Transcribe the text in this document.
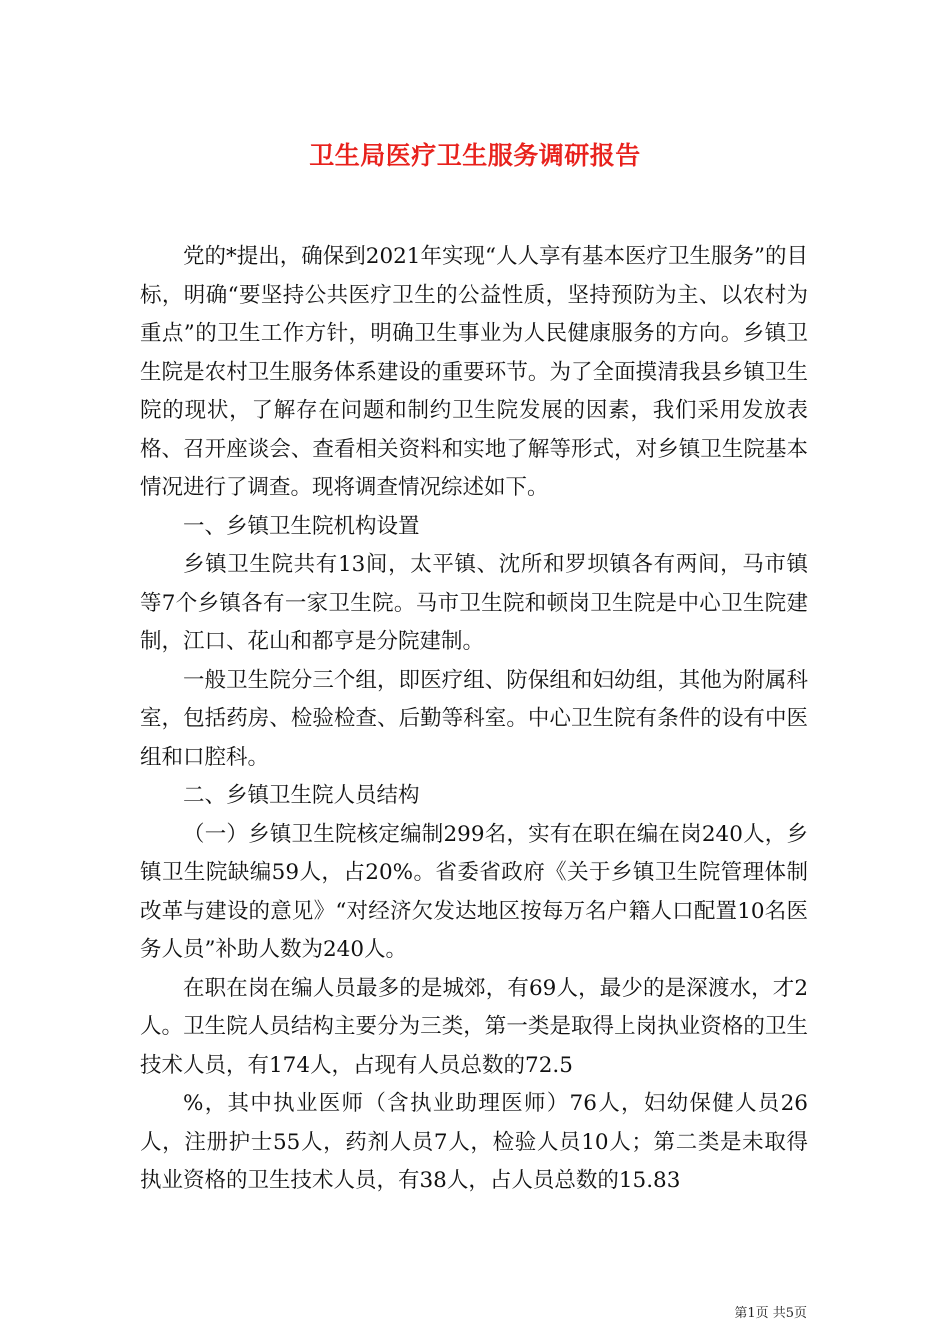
卫生局医疗卫生服务调研报告

党的*提出，确保到2021年实现“人人享有基本医疗卫生服务”的目标，明确“要坚持公共医疗卫生的公益性质，坚持预防为主、以农村为重点”的卫生工作方针，明确卫生事业为人民健康服务的方向。乡镇卫生院是农村卫生服务体系建设的重要环节。为了全面摸清我县乡镇卫生院的现状，了解存在问题和制约卫生院发展的因素，我们采用发放表格、召开座谈会、查看相关资料和实地了解等形式，对乡镇卫生院基本情况进行了调查。现将调查情况综述如下。

一、乡镇卫生院机构设置

乡镇卫生院共有13间，太平镇、沈所和罗坝镇各有两间，马市镇等7个乡镇各有一家卫生院。马市卫生院和顿岗卫生院是中心卫生院建制，江口、花山和都亨是分院建制。

一般卫生院分三个组，即医疗组、防保组和妇幼组，其他为附属科室，包括药房、检验检查、后勤等科室。中心卫生院有条件的设有中医组和口腔科。

二、乡镇卫生院人员结构

（一）乡镇卫生院核定编制299名，实有在职在编在岗240人，乡镇卫生院缺编59人，占20%。省委省政府《关于乡镇卫生院管理体制改革与建设的意见》“对经济欠发达地区按每万名户籍人口配置10名医务人员”补助人数为240人。

在职在岗在编人员最多的是城郊，有69人，最少的是深渡水，才2人。卫生院人员结构主要分为三类，第一类是取得上岗执业资格的卫生技术人员，有174人，占现有人员总数的72.5

%，其中执业医师（含执业助理医师）76人，妇幼保健人员26人，注册护士55人，药剂人员7人，检验人员10人；第二类是未取得执业资格的卫生技术人员，有38人，占人员总数的15.83

第1页 共5页
